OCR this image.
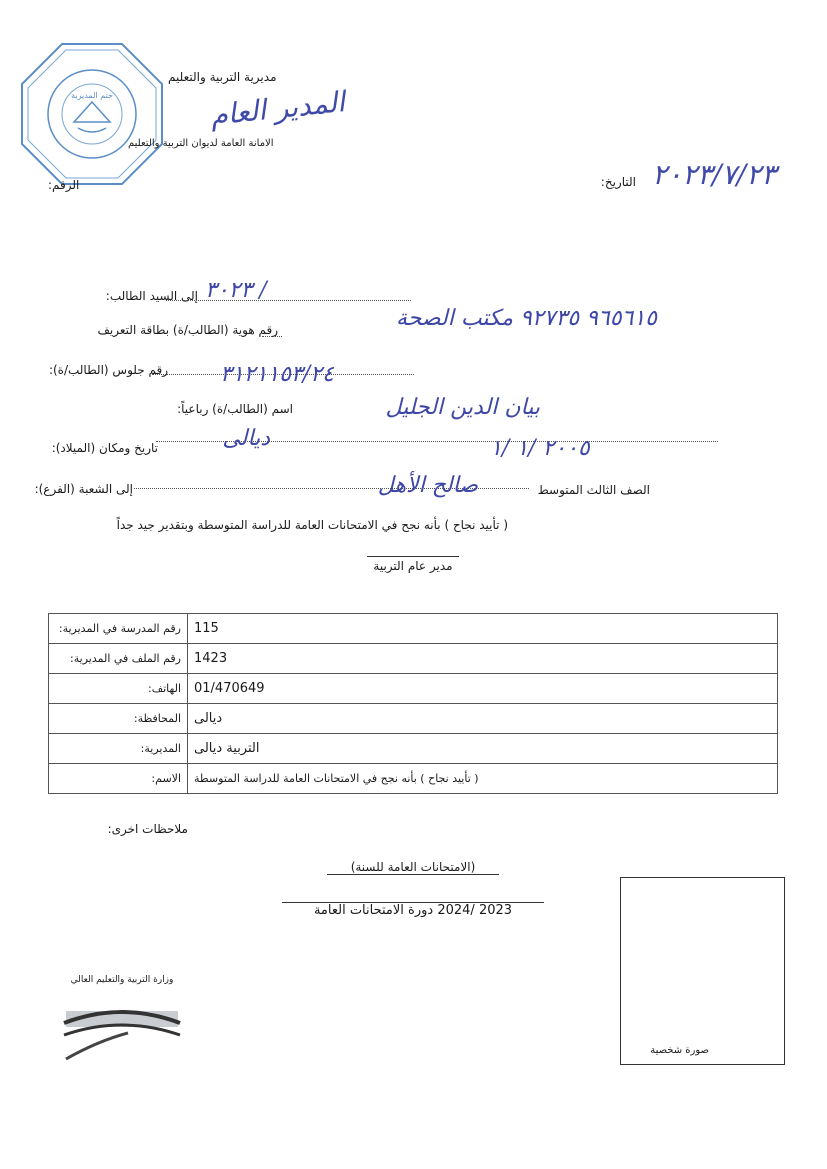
ختم المديرية	المدير العام
مديرية التربية والتعليم
الامانة العامة لديوان التربية والتعليم
الرقم:	التاريخ: ٢٠٢٣/٧/٢٣
إلى السيد الطالب: ٣٠٢٣ /
رقم هوية (الطالب/ة) بطاقة التعريف	٩٦٥٦١٥ ٩٢٧٣٥ مكتب الصحة
رقم جلوس (الطالب/ة): ٣١٢١١٥٣/٢٤
اسم (الطالب/ة) رباعياً:	بيان الدين الجليل
تاريخ ومكان (الميلاد):	ديالى	٢٠٠٥ /١ /١
إلى الشعبة (الفرع):	صالح الأهل	الصف الثالث المتوسط
( تأييد نجاح ) بأنه نجح في الامتحانات العامة للدراسة المتوسطة وبتقدير جيد جداً
مدير عام التربية
رقم المدرسة في المديرية:	115
رقم الملف في المديرية:	1423
الهاتف:	01/470649
المحافظة:	ديالى
المديرية:	التربية ديالى
الاسم:	( تأييد نجاح ) بأنه نجح في الامتحانات العامة للدراسة المتوسطة
ملاحظات اخرى:
(الامتحانات العامة للسنة)
2023 /2024 دورة الامتحانات العامة
صورة شخصية
وزارة التربية والتعليم العالي
